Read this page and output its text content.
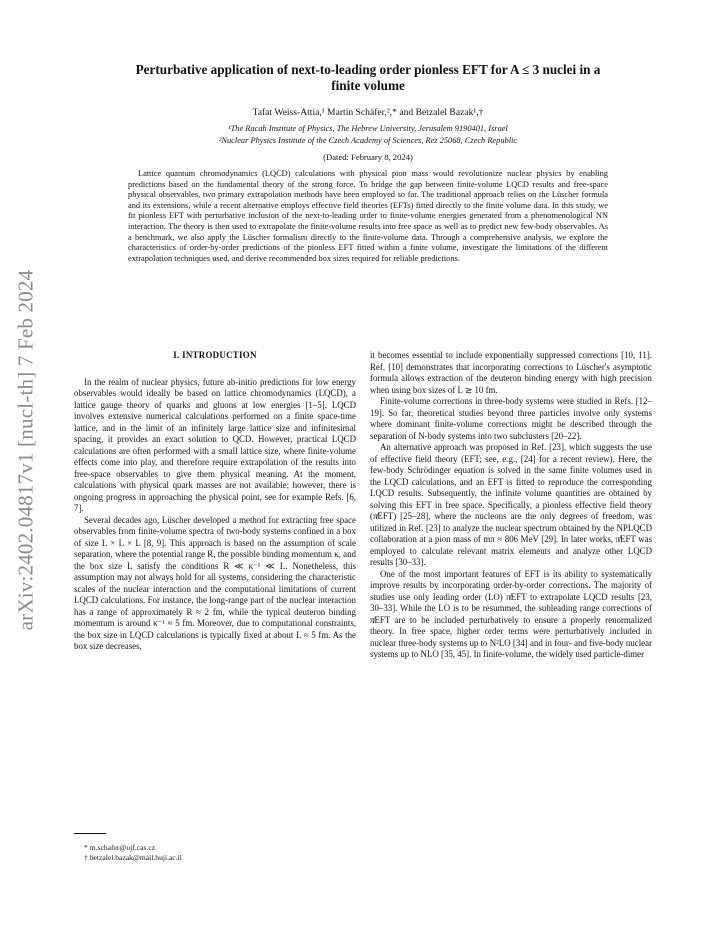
arXiv:2402.04817v1 [nucl-th] 7 Feb 2024
Perturbative application of next-to-leading order pionless EFT for A ≤ 3 nuclei in a
finite volume
Tafat Weiss-Attia,¹ Martin Schäfer,²,* and Betzalel Bazak¹,†
¹The Racah Institute of Physics, The Hebrew University, Jerusalem 9190401, Israel
²Nuclear Physics Institute of the Czech Academy of Sciences, Rez 25068, Czech Republic
(Dated: February 8, 2024)
Lattice quantum chromodynamics (LQCD) calculations with physical pion mass would revolutionize nuclear physics by enabling predictions based on the fundamental theory of the strong force. To bridge the gap between finite-volume LQCD results and free-space physical observables, two primary extrapolation methods have been employed so far. The traditional approach relies on the Lüscher formula and its extensions, while a recent alternative employs effective field theories (EFTs) fitted directly to the finite volume data. In this study, we fit pionless EFT with perturbative inclusion of the next-to-leading order to finite-volume energies generated from a phenomenological NN interaction. The theory is then used to extrapolate the finite-volume results into free space as well as to predict new few-body observables. As a benchmark, we also apply the Lüscher formalism directly to the finite-volume data. Through a comprehensive analysis, we explore the characteristics of order-by-order predictions of the pionless EFT fitted within a finite volume, investigate the limitations of the different extrapolation techniques used, and derive recommended box sizes required for reliable predictions.
I. INTRODUCTION

In the realm of nuclear physics, future ab-initio predictions for low energy observables would ideally be based on lattice chromodynamics (LQCD), a lattice gauge theory of quarks and gluons at low energies [1–5]. LQCD involves extensive numerical calculations performed on a finite space-time lattice, and in the limit of an infinitely large lattice size and infinitesimal spacing, it provides an exact solution to QCD. However, practical LQCD calculations are often performed with a small lattice size, where finite-volume effects come into play, and therefore require extrapolation of the results into free-space observables to give them physical meaning. At the moment, calculations with physical quark masses are not available; however, there is ongoing progress in approaching the physical point, see for example Refs. [6, 7].

Several decades ago, Lüscher developed a method for extracting free space observables from finite-volume spectra of two-body systems confined in a box of size L × L × L [8, 9]. This approach is based on the assumption of scale separation, where the potential range R, the possible binding momentum κ, and the box size L satisfy the conditions R ≪ κ⁻¹ ≪ L. Nonetheless, this assumption may not always hold for all systems, considering the characteristic scales of the nuclear interaction and the computational limitations of current LQCD calculations. For instance, the long-range part of the nuclear interaction has a range of approximately R ≈ 2 fm, while the typical deuteron binding momentum is around κ⁻¹ ≈ 5 fm. Moreover, due to computational constraints, the box size in LQCD calculations is typically fixed at about L ≈ 5 fm. As the box size decreases,

it becomes essential to include exponentially suppressed corrections [10, 11]. Ref. [10] demonstrates that incorporating corrections to Lüscher's asymptotic formula allows extraction of the deuteron binding energy with high precision when using box sizes of L ≳ 10 fm.

Finite-volume corrections in three-body systems were studied in Refs. [12–19]. So far, theoretical studies beyond three particles involve only systems where dominant finite-volume corrections might be described through the separation of N-body systems into two subclusters [20–22].

An alternative approach was proposed in Ref. [23], which suggests the use of effective field theory (EFT; see, e.g., [24] for a recent review). Here, the few-body Schrödinger equation is solved in the same finite volumes used in the LQCD calculations, and an EFT is fitted to reproduce the corresponding LQCD results. Subsequently, the infinite volume quantities are obtained by solving this EFT in free space. Specifically, a pionless effective field theory (π̸EFT) [25–28], where the nucleons are the only degrees of freedom, was utilized in Ref. [23] to analyze the nuclear spectrum obtained by the NPLQCD collaboration at a pion mass of mπ ≈ 806 MeV [29]. In later works, π̸EFT was employed to calculate relevant matrix elements and analyze other LQCD results [30–33].

One of the most important features of EFT is its ability to systematically improve results by incorporating order-by-order corrections. The majority of studies use only leading order (LO) π̸EFT to extrapolate LQCD results [23, 30–33]. While the LO is to be resummed, the subleading range corrections of π̸EFT are to be included perturbatively to ensure a properly renormalized theory. In free space, higher order terms were perturbatively included in nuclear three-body systems up to N²LO [34] and in four- and five-body nuclear systems up to NLO [35, 45]. In finite-volume, the widely used particle-dimer

* m.schafer@ujf.cas.cz
† betzalel.bazak@mail.huji.ac.il
